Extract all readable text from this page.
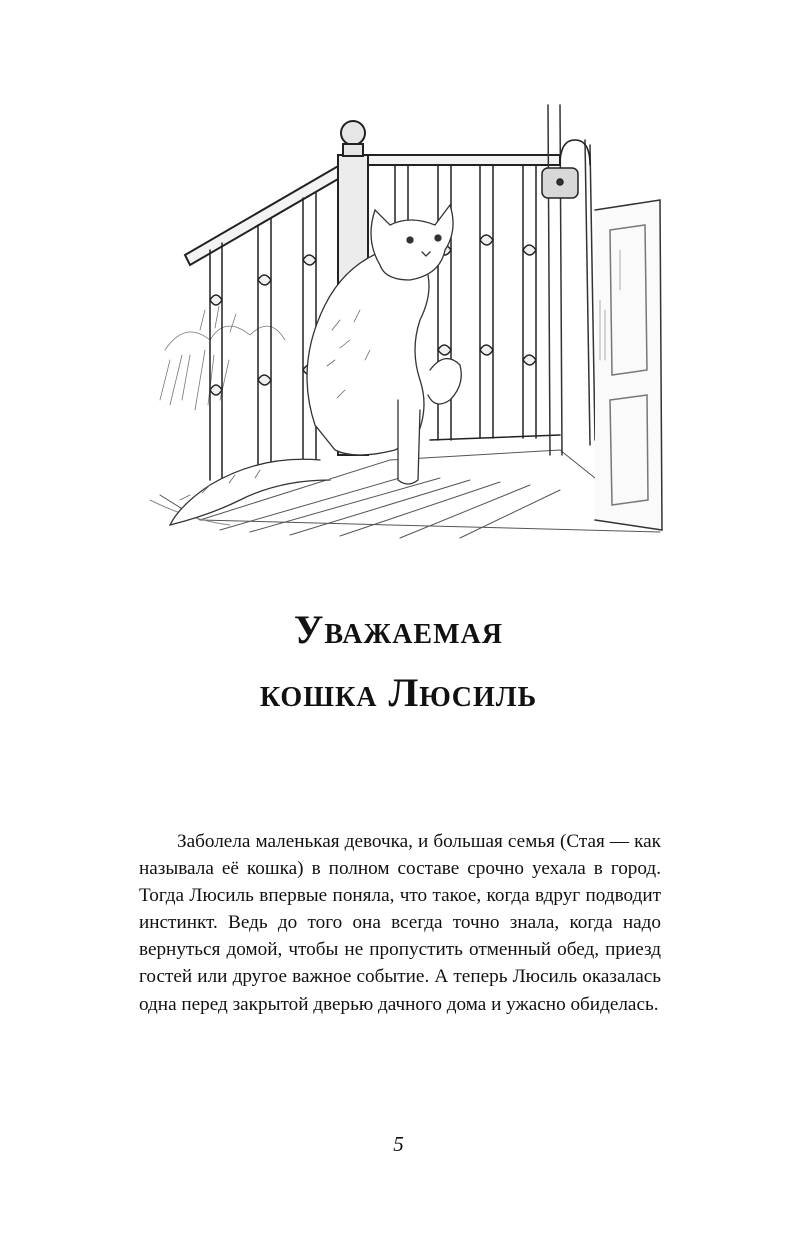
Уважаемая
кошка Люсиль

Заболела маленькая девочка, и большая семья (Стая — как называла её кошка) в полном составе срочно уехала в город. Тогда Люсиль впервые поняла, что такое, когда вдруг подводит инстинкт. Ведь до того она всегда точно знала, когда надо вернуться домой, чтобы не пропустить отменный обед, приезд гостей или другое важное событие. А теперь Люсиль оказалась одна перед закрытой дверью дачного дома и ужасно обиделась.

5
